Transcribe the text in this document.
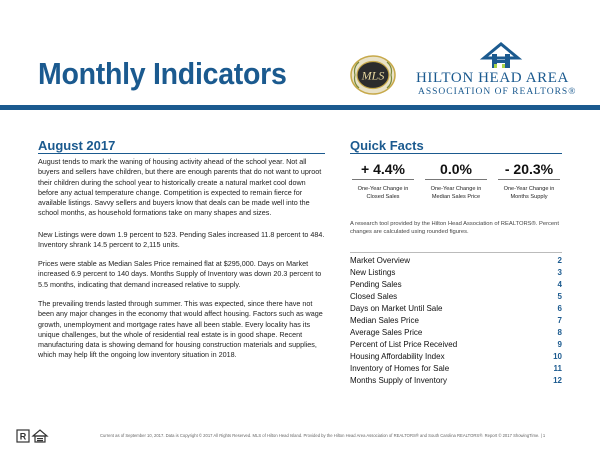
Monthly Indicators	MLS HILTON HEAD AREA
ASSOCIATION OF REALTORS®
August 2017
August tends to mark the waning of housing activity ahead of the school year. Not all buyers and sellers have children, but there are enough parents that do not want to uproot their children during the school year to historically create a natural market cool down before any actual temperature change. Competition is expected to remain fierce for available listings. Savvy sellers and buyers know that deals can be made well into the school months, as household formations take on many shapes and sizes.
New Listings were down 1.9 percent to 523. Pending Sales increased 11.8 percent to 484. Inventory shrank 14.5 percent to 2,115 units.
Prices were stable as Median Sales Price remained flat at $295,000. Days on Market increased 6.9 percent to 140 days. Months Supply of Inventory was down 20.3 percent to 5.5 months, indicating that demand increased relative to supply.
The prevailing trends lasted through summer. This was expected, since there have not been any major changes in the economy that would affect housing. Factors such as wage growth, unemployment and mortgage rates have all been stable. Every locality has its unique challenges, but the whole of residential real estate is in good shape. Recent manufacturing data is showing demand for housing construction materials and supplies, which may help lift the ongoing low inventory situation in 2018.
Quick Facts
+ 4.4%
One-Year Change in
Closed Sales
0.0%
One-Year Change in
Median Sales Price
- 20.3%
One-Year Change in
Months Supply
A research tool provided by the Hilton Head Association of REALTORS®. Percent changes are calculated using rounded figures.
Market Overview	2
New Listings	3
Pending Sales	4
Closed Sales	5
Days on Market Until Sale	6
Median Sales Price	7
Average Sales Price	8
Percent of List Price Received	9
Housing Affordability Index	10
Inventory of Homes for Sale	11
Months Supply of Inventory	12
R	Current as of September 10, 2017. Data is Copyright © 2017 All Rights Reserved. MLS of Hilton Head Island. Provided by the Hilton Head Area Association of REALTORS® and South Carolina REALTORS®. Report © 2017 ShowingTime. | 1
